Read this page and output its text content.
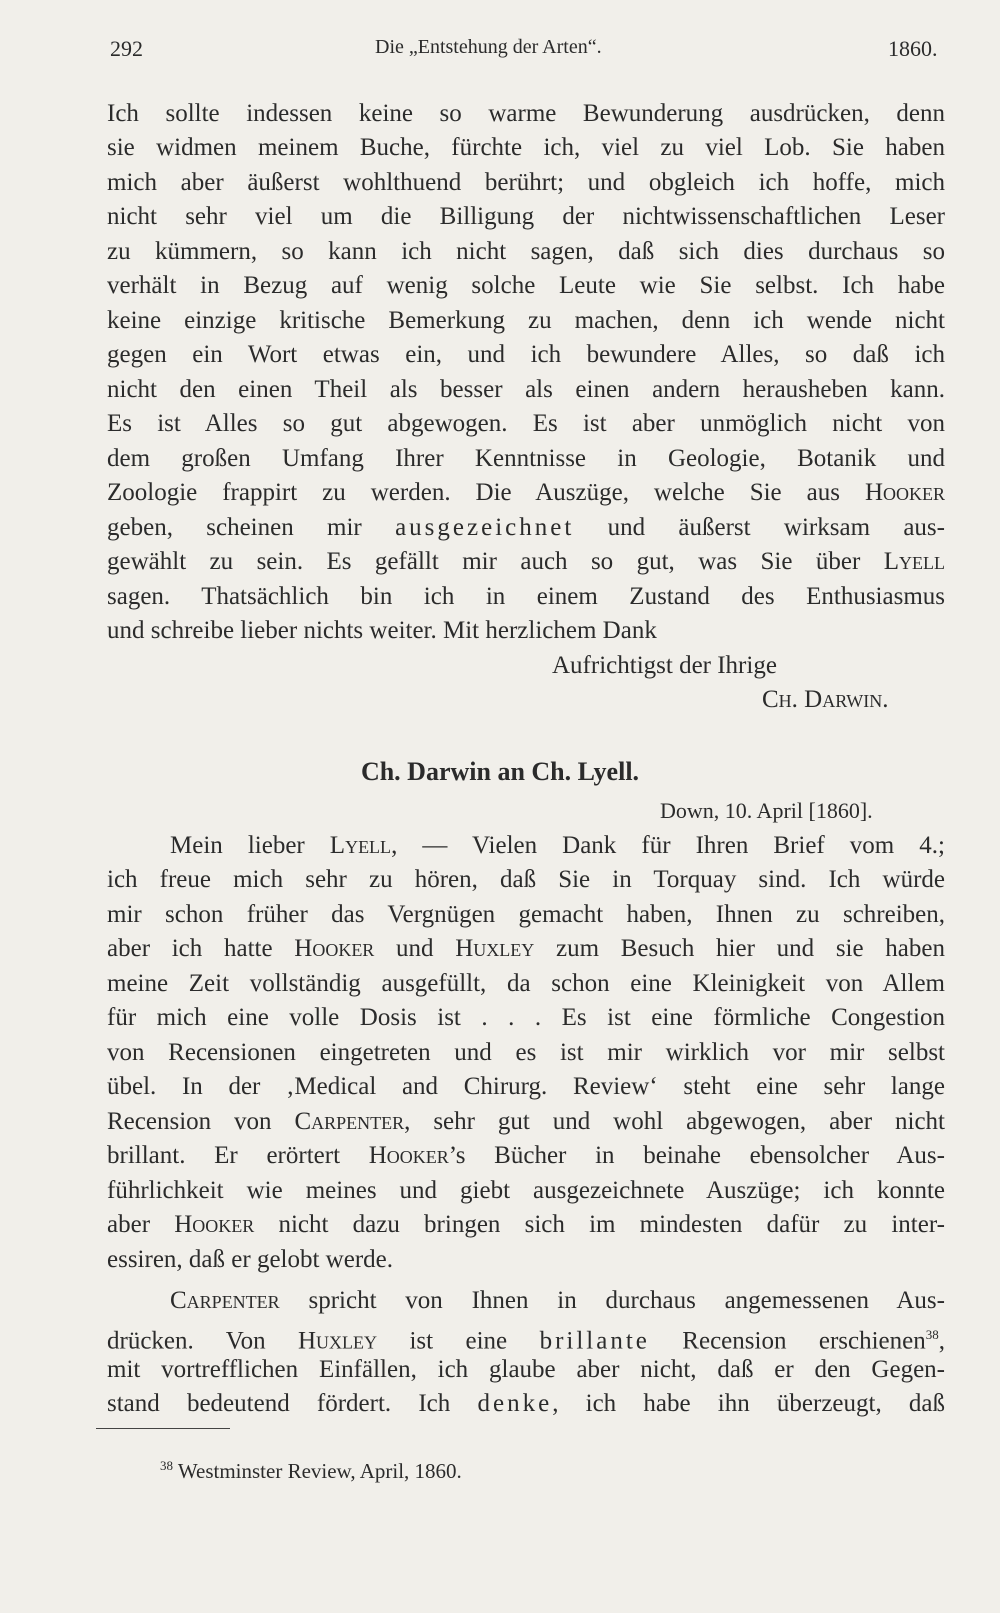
292	Die „Entstehung der Arten“.	1860.
Ich sollte indessen keine so warme Bewunderung ausdrücken, denn
sie widmen meinem Buche, fürchte ich, viel zu viel Lob. Sie haben
mich aber äußerst wohlthuend berührt; und obgleich ich hoffe, mich
nicht sehr viel um die Billigung der nichtwissenschaftlichen Leser
zu kümmern, so kann ich nicht sagen, daß sich dies durchaus so
verhält in Bezug auf wenig solche Leute wie Sie selbst. Ich habe
keine einzige kritische Bemerkung zu machen, denn ich wende nicht
gegen ein Wort etwas ein, und ich bewundere Alles, so daß ich
nicht den einen Theil als besser als einen andern herausheben kann.
Es ist Alles so gut abgewogen. Es ist aber unmöglich nicht von
dem großen Umfang Ihrer Kenntnisse in Geologie, Botanik und
Zoologie frappirt zu werden. Die Auszüge, welche Sie aus Hooker
geben, scheinen mir ausgezeichnet und äußerst wirksam aus-
gewählt zu sein. Es gefällt mir auch so gut, was Sie über Lyell
sagen. Thatsächlich bin ich in einem Zustand des Enthusiasmus
und schreibe lieber nichts weiter. Mit herzlichem Dank
Aufrichtigst der Ihrige
Ch. Darwin.
Ch. Darwin an Ch. Lyell.
Down, 10. April [1860].
Mein lieber Lyell, — Vielen Dank für Ihren Brief vom 4.;
ich freue mich sehr zu hören, daß Sie in Torquay sind. Ich würde
mir schon früher das Vergnügen gemacht haben, Ihnen zu schreiben,
aber ich hatte Hooker und Huxley zum Besuch hier und sie haben
meine Zeit vollständig ausgefüllt, da schon eine Kleinigkeit von Allem
für mich eine volle Dosis ist . . . Es ist eine förmliche Congestion
von Recensionen eingetreten und es ist mir wirklich vor mir selbst
übel. In der ‚Medical and Chirurg. Review‘ steht eine sehr lange
Recension von Carpenter, sehr gut und wohl abgewogen, aber nicht
brillant. Er erörtert Hooker’s Bücher in beinahe ebensolcher Aus-
führlichkeit wie meines und giebt ausgezeichnete Auszüge; ich konnte
aber Hooker nicht dazu bringen sich im mindesten dafür zu inter-
essiren, daß er gelobt werde.
Carpenter spricht von Ihnen in durchaus angemessenen Aus-
drücken. Von Huxley ist eine brillante Recension erschienen$^{38}$,
mit vortrefflichen Einfällen, ich glaube aber nicht, daß er den Gegen-
stand bedeutend fördert. Ich denke, ich habe ihn überzeugt, daß
$^{38}$ Westminster Review, April, 1860.
